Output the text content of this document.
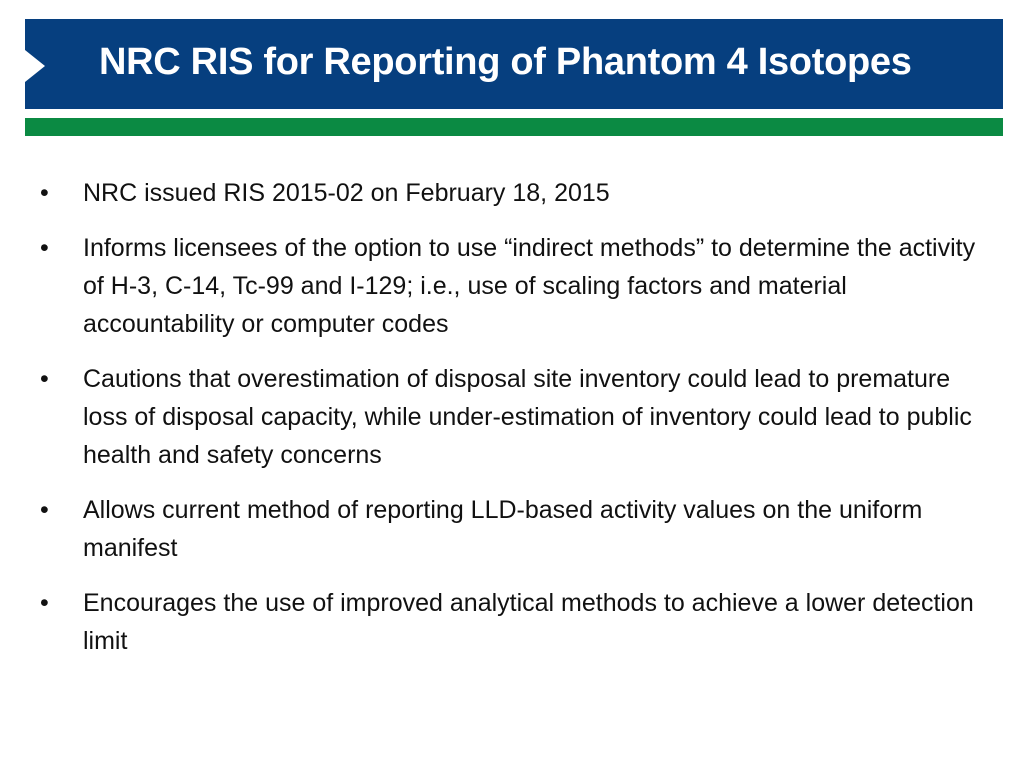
NRC RIS for Reporting of Phantom 4 Isotopes
•	NRC issued RIS 2015-02 on February 18, 2015
•	Informs licensees of the option to use “indirect methods” to determine the activity of H-3, C-14, Tc-99 and I-129; i.e., use of scaling factors and material accountability or computer codes
•	Cautions that overestimation of disposal site inventory could lead to premature loss of disposal capacity, while under-estimation of inventory could lead to public health and safety concerns
•	Allows current method of reporting LLD-based activity values on the uniform manifest
•	Encourages the use of improved analytical methods to achieve a lower detection limit
